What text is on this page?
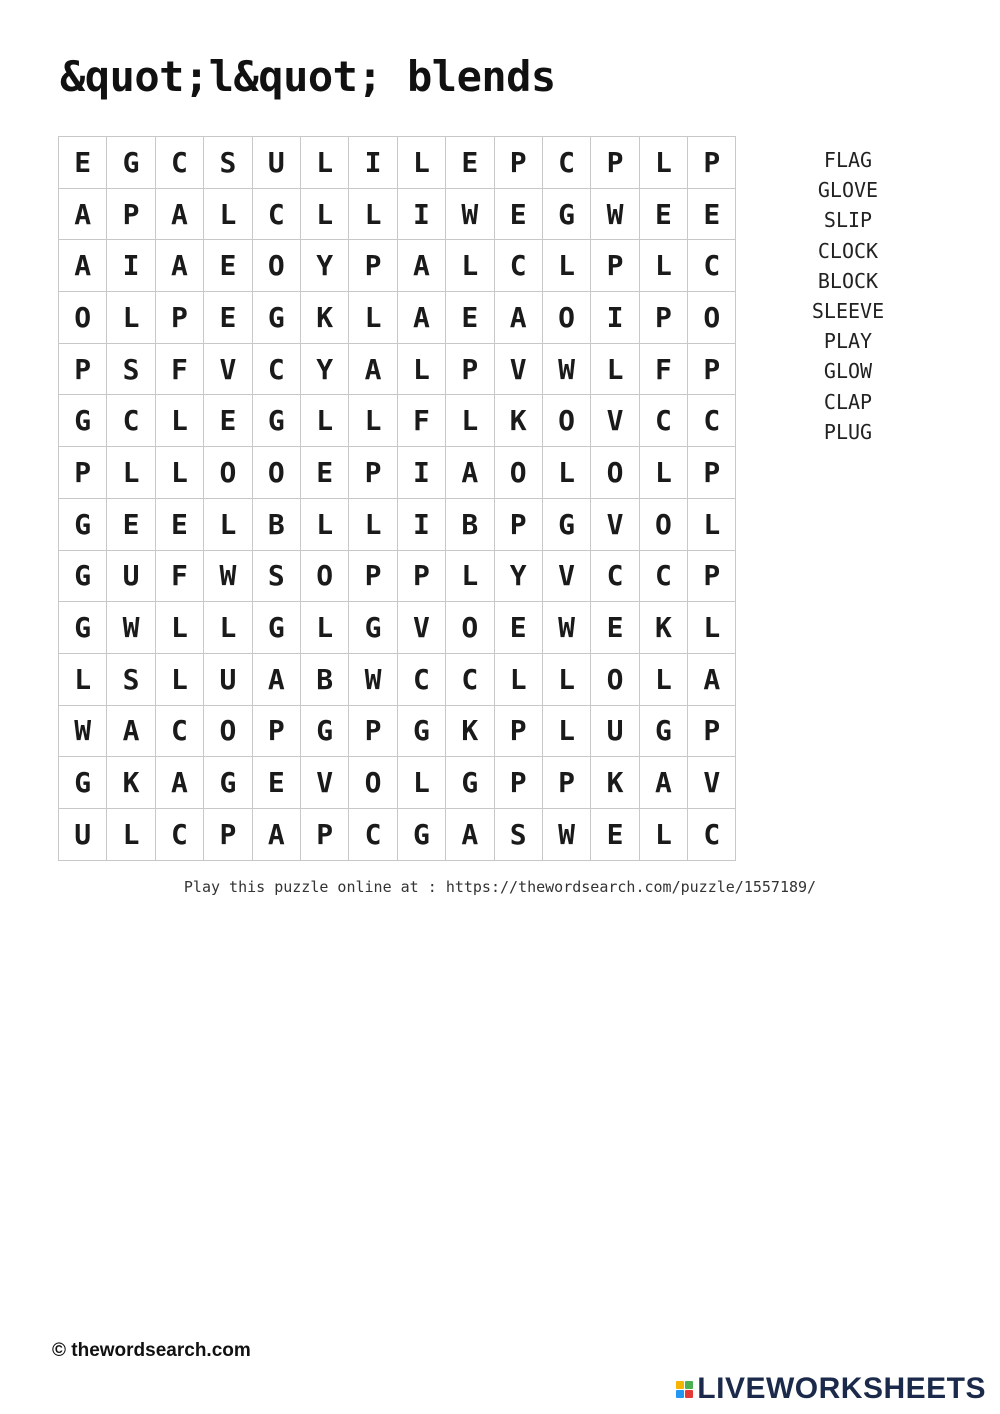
&quot;l&quot; blends
E	G	C	S	U	L	I	L	E	P	C	P	L	P
A	P	A	L	C	L	L	I	W	E	G	W	E	E
A	I	A	E	O	Y	P	A	L	C	L	P	L	C
O	L	P	E	G	K	L	A	E	A	O	I	P	O
P	S	F	V	C	Y	A	L	P	V	W	L	F	P
G	C	L	E	G	L	L	F	L	K	O	V	C	C
P	L	L	O	O	E	P	I	A	O	L	O	L	P
G	E	E	L	B	L	L	I	B	P	G	V	O	L
G	U	F	W	S	O	P	P	L	Y	V	C	C	P
G	W	L	L	G	L	G	V	O	E	W	E	K	L
L	S	L	U	A	B	W	C	C	L	L	O	L	A
W	A	C	O	P	G	P	G	K	P	L	U	G	P
G	K	A	G	E	V	O	L	G	P	P	K	A	V
U	L	C	P	A	P	C	G	A	S	W	E	L	C
FLAG
GLOVE
SLIP
CLOCK
BLOCK
SLEEVE
PLAY
GLOW
CLAP
PLUG
Play this puzzle online at : https://thewordsearch.com/puzzle/1557189/
© thewordsearch.com
LIVEWORKSHEETS
